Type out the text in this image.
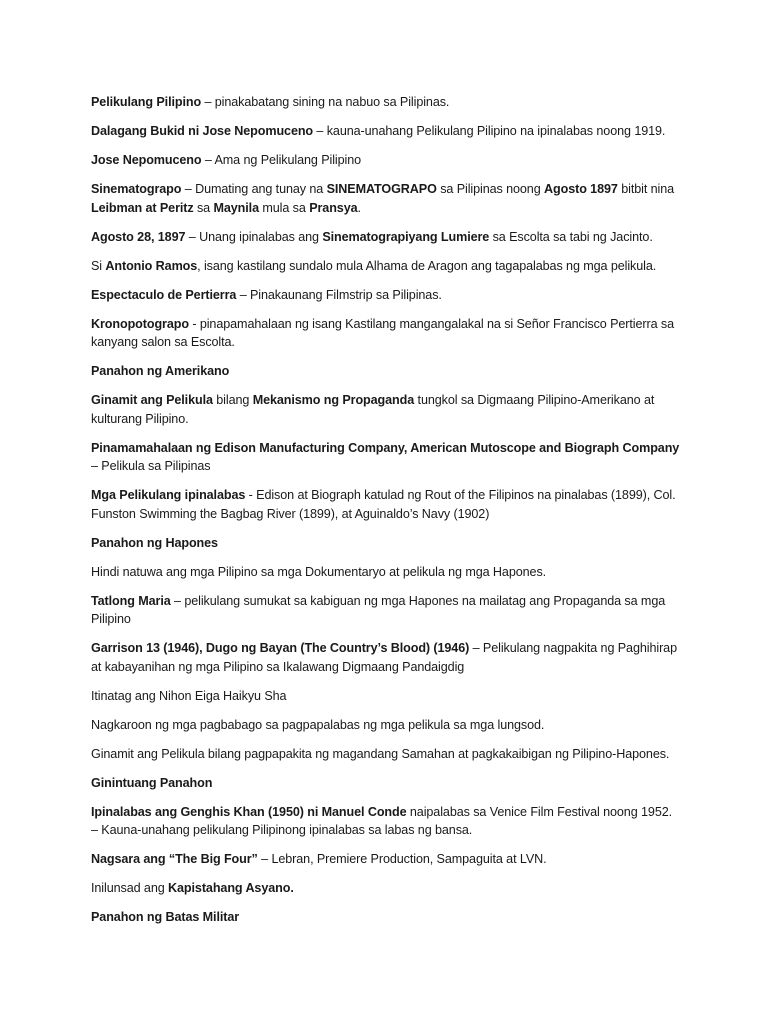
Pelikulang Pilipino – pinakabatang sining na nabuo sa Pilipinas.

Dalagang Bukid ni Jose Nepomuceno – kauna-unahang Pelikulang Pilipino na ipinalabas noong 1919.

Jose Nepomuceno – Ama ng Pelikulang Pilipino

Sinematograpo – Dumating ang tunay na SINEMATOGRAPO sa Pilipinas noong Agosto 1897 bitbit nina Leibman at Peritz sa Maynila mula sa Pransya.

Agosto 28, 1897 – Unang ipinalabas ang Sinematograpiyang Lumiere sa Escolta sa tabi ng Jacinto.

Si Antonio Ramos, isang kastilang sundalo mula Alhama de Aragon ang tagapalabas ng mga pelikula.

Espectaculo de Pertierra – Pinakaunang Filmstrip sa Pilipinas.

Kronopotograpo - pinapamahalaan ng isang Kastilang mangangalakal na si Señor Francisco Pertierra sa kanyang salon sa Escolta.

Panahon ng Amerikano

Ginamit ang Pelikula bilang Mekanismo ng Propaganda tungkol sa Digmaang Pilipino-Amerikano at kulturang Pilipino.

Pinamamahalaan ng Edison Manufacturing Company, American Mutoscope and Biograph Company – Pelikula sa Pilipinas

Mga Pelikulang ipinalabas - Edison at Biograph katulad ng Rout of the Filipinos na pinalabas (1899), Col. Funston Swimming the Bagbag River (1899), at Aguinaldo’s Navy (1902)

Panahon ng Hapones

Hindi natuwa ang mga Pilipino sa mga Dokumentaryo at pelikula ng mga Hapones.

Tatlong Maria – pelikulang sumukat sa kabiguan ng mga Hapones na mailatag ang Propaganda sa mga Pilipino

Garrison 13 (1946), Dugo ng Bayan (The Country’s Blood) (1946) – Pelikulang nagpakita ng Paghihirap at kabayanihan ng mga Pilipino sa Ikalawang Digmaang Pandaigdig

Itinatag ang Nihon Eiga Haikyu Sha

Nagkaroon ng mga pagbabago sa pagpapalabas ng mga pelikula sa mga lungsod.

Ginamit ang Pelikula bilang pagpapakita ng magandang Samahan at pagkakaibigan ng Pilipino-Hapones.

Ginintuang Panahon

Ipinalabas ang Genghis Khan (1950) ni Manuel Conde naipalabas sa Venice Film Festival noong 1952. – Kauna-unahang pelikulang Pilipinong ipinalabas sa labas ng bansa.

Nagsara ang “The Big Four” – Lebran, Premiere Production, Sampaguita at LVN.

Inilunsad ang Kapistahang Asyano.

Panahon ng Batas Militar
